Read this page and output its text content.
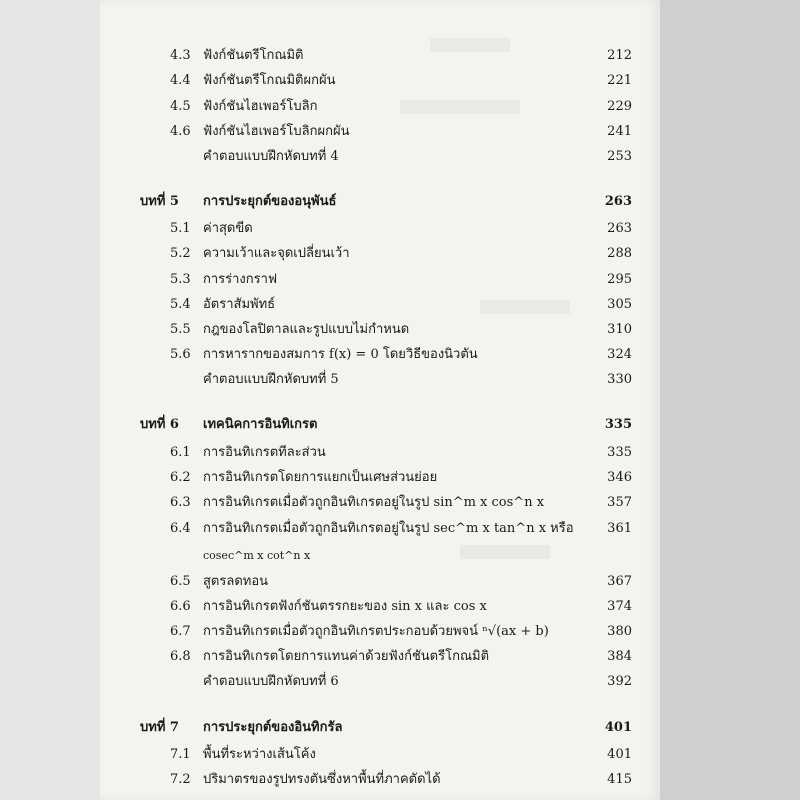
4.3 ฟังก์ชันตรีโกณมิติ	212
4.4 ฟังก์ชันตรีโกณมิติผกผัน	221
4.5 ฟังก์ชันไฮเพอร์โบลิก	229
4.6 ฟังก์ชันไฮเพอร์โบลิกผกผัน	241
คำตอบแบบฝึกหัดบทที่ 4	253
บทที่ 5 การประยุกต์ของอนุพันธ์	263
5.1 ค่าสุดขีด	263
5.2 ความเว้าและจุดเปลี่ยนเว้า	288
5.3 การร่างกราฟ	295
5.4 อัตราสัมพัทธ์	305
5.5 กฎของโลปิตาลและรูปแบบไม่กำหนด	310
5.6 การหารากของสมการ f(x) = 0 โดยวิธีของนิวตัน	324
คำตอบแบบฝึกหัดบทที่ 5	330
บทที่ 6 เทคนิคการอินทิเกรต	335
6.1 การอินทิเกรตทีละส่วน	335
6.2 การอินทิเกรตโดยการแยกเป็นเศษส่วนย่อย	346
6.3 การอินทิเกรตเมื่อตัวถูกอินทิเกรตอยู่ในรูป sin^m x cos^n x	357
6.4 การอินทิเกรตเมื่อตัวถูกอินทิเกรตอยู่ในรูป sec^m x tan^n x หรือ	361
cosec^m x cot^n x
6.5 สูตรลดทอน	367
6.6 การอินทิเกรตฟังก์ชันตรรกยะของ sin x และ cos x	374
6.7 การอินทิเกรตเมื่อตัวถูกอินทิเกรตประกอบด้วยพจน์ ⁿ√(ax + b)	380
6.8 การอินทิเกรตโดยการแทนค่าด้วยฟังก์ชันตรีโกณมิติ	384
คำตอบแบบฝึกหัดบทที่ 6	392
บทที่ 7 การประยุกต์ของอินทิกรัล	401
7.1 พื้นที่ระหว่างเส้นโค้ง	401
7.2 ปริมาตรของรูปทรงตันซึ่งหาพื้นที่ภาคตัดได้	415
